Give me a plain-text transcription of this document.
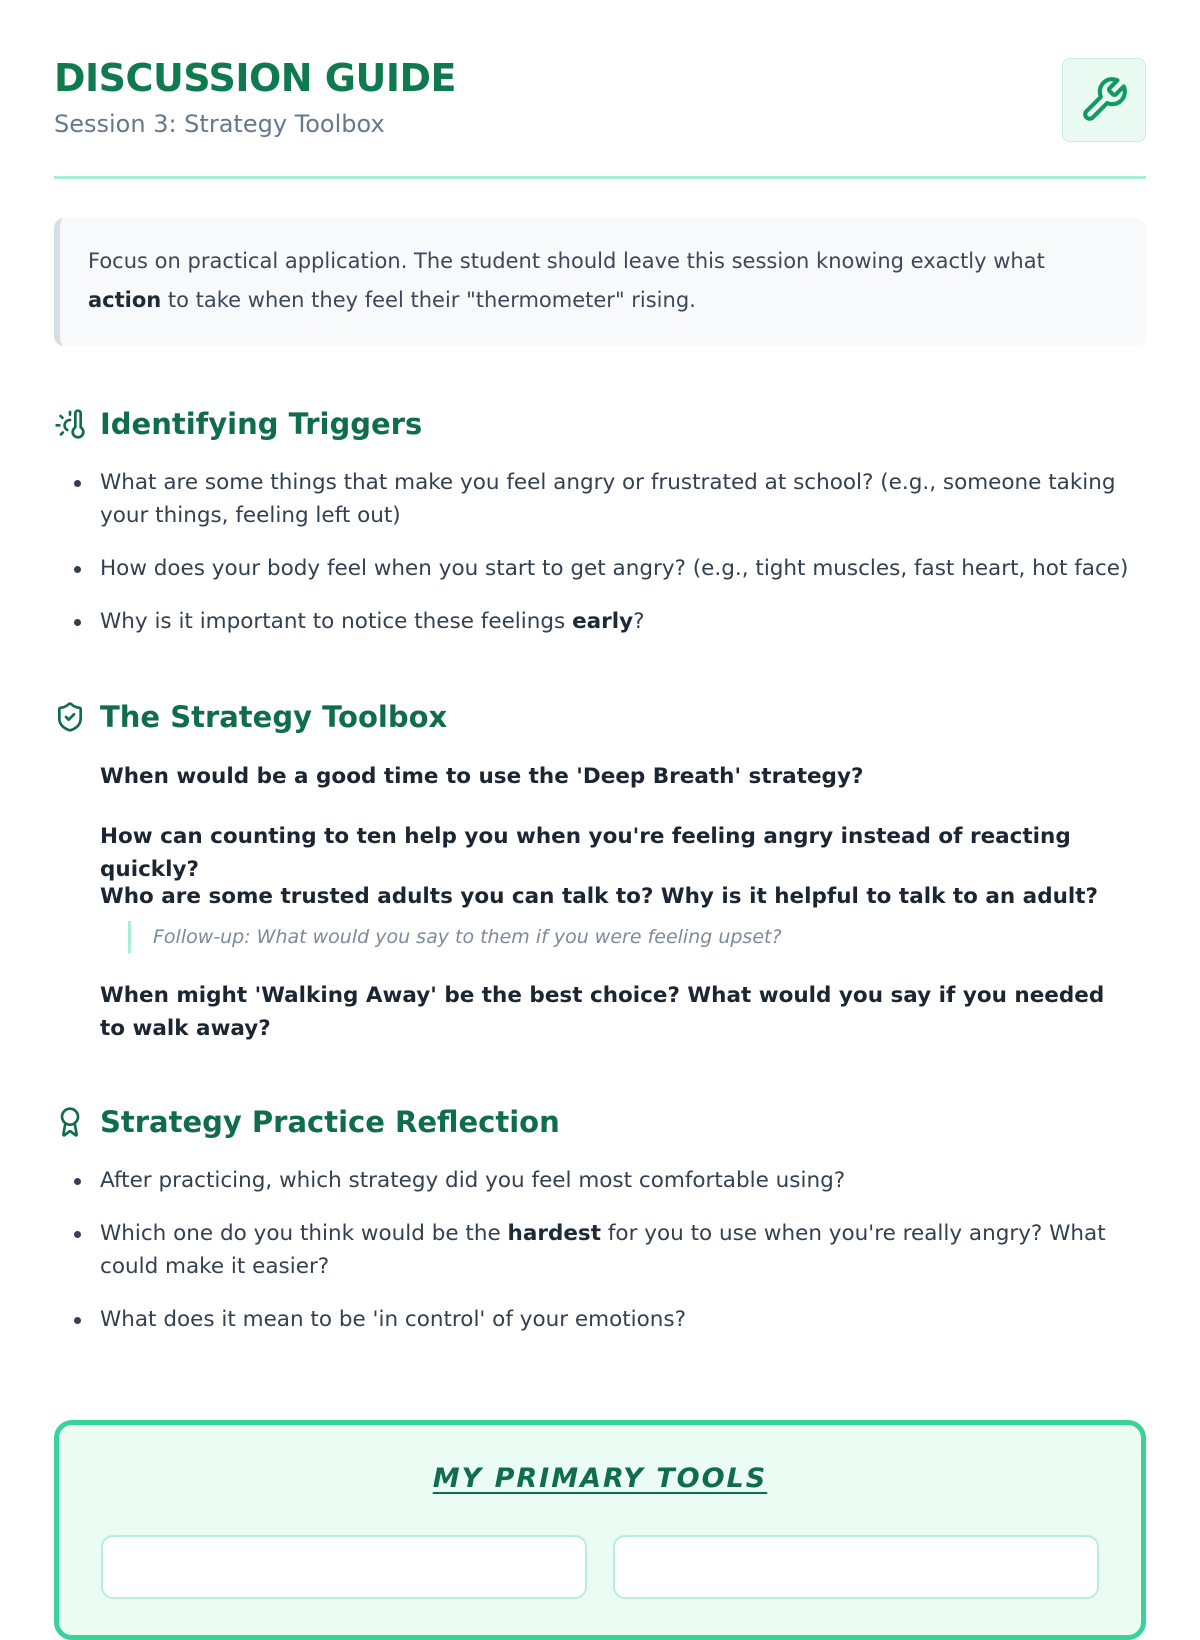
DISCUSSION GUIDE

Session 3: Strategy Toolbox

Focus on practical application. The student should leave this session knowing exactly what action to take when they feel their "thermometer" rising.
Identifying Triggers
What are some things that make you feel angry or frustrated at school? (e.g., someone taking your things, feeling left out)
How does your body feel when you start to get angry? (e.g., tight muscles, fast heart, hot face)
Why is it important to notice these feelings early?
The Strategy Toolbox

When would be a good time to use the 'Deep Breath' strategy?

How can counting to ten help you when you're feeling angry instead of reacting quickly?

Who are some trusted adults you can talk to? Why is it helpful to talk to an adult?

Follow-up: What would you say to them if you were feeling upset?

When might 'Walking Away' be the best choice? What would you say if you needed to walk away?

Strategy Practice Reflection
After practicing, which strategy did you feel most comfortable using?
Which one do you think would be the hardest for you to use when you're really angry? What could make it easier?
What does it mean to be 'in control' of your emotions?
MY PRIMARY TOOLS
